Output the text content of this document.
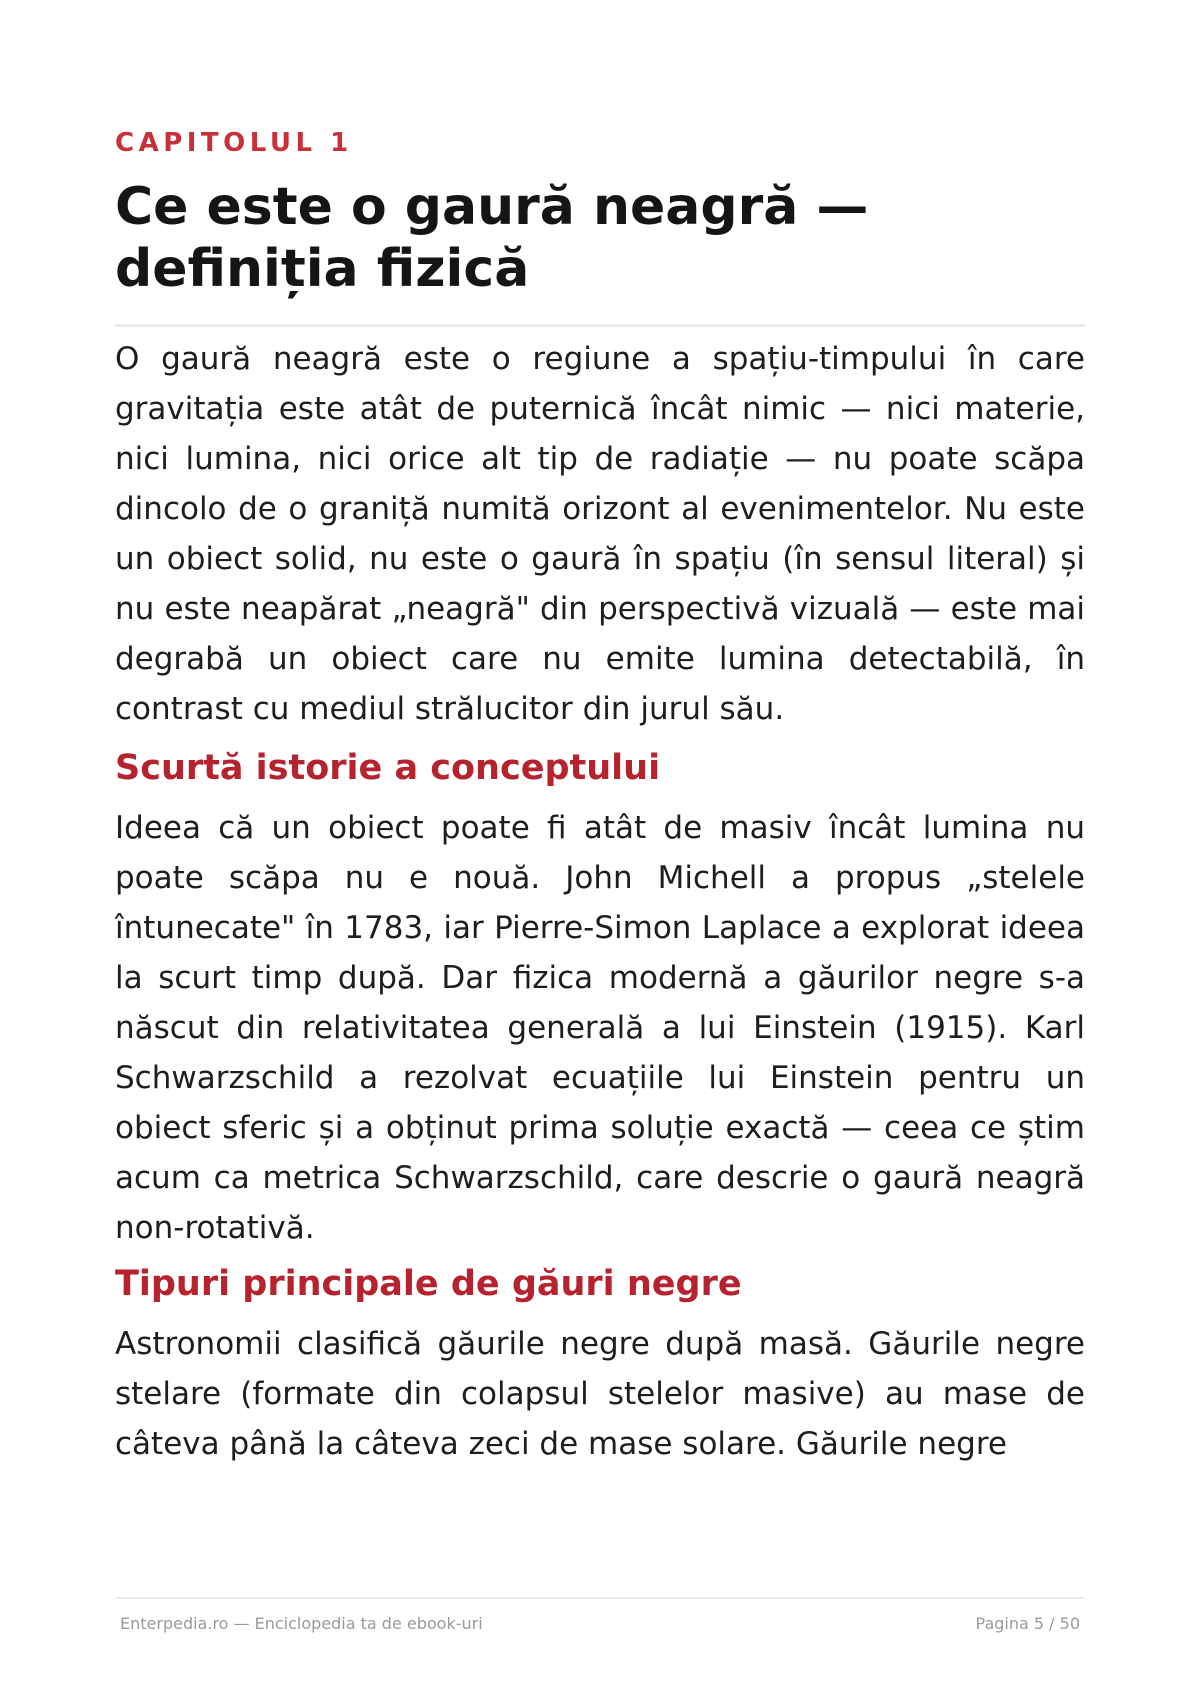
CAPITOLUL 1
Ce este o gaură neagră —
definiția fizică

O gaură neagră este o regiune a spațiu-timpului în care gravitația este atât de puternică încât nimic — nici materie, nici lumina, nici orice alt tip de radiație — nu poate scăpa dincolo de o graniță numită orizont al evenimentelor. Nu este un obiect solid, nu este o gaură în spațiu (în sensul literal) și nu este neapărat „neagră" din perspectivă vizuală — este mai degrabă un obiect care nu emite lumina detectabilă, în contrast cu mediul strălucitor din jurul său.

Scurtă istorie a conceptului

Ideea că un obiect poate fi atât de masiv încât lumina nu poate scăpa nu e nouă. John Michell a propus „stelele întunecate" în 1783, iar Pierre-Simon Laplace a explorat ideea la scurt timp după. Dar fizica modernă a găurilor negre s-a născut din relativitatea generală a lui Einstein (1915). Karl Schwarzschild a rezolvat ecuațiile lui Einstein pentru un obiect sferic și a obținut prima soluție exactă — ceea ce știm acum ca metrica Schwarzschild, care descrie o gaură neagră non-rotativă.

Tipuri principale de găuri negre

Astronomii clasifică găurile negre după masă. Găurile negre stelare (formate din colapsul stelelor masive) au mase de câteva până la câteva zeci de mase solare. Găurile negre

Enterpedia.ro — Enciclopedia ta de ebook-uri	Pagina 5 / 50
